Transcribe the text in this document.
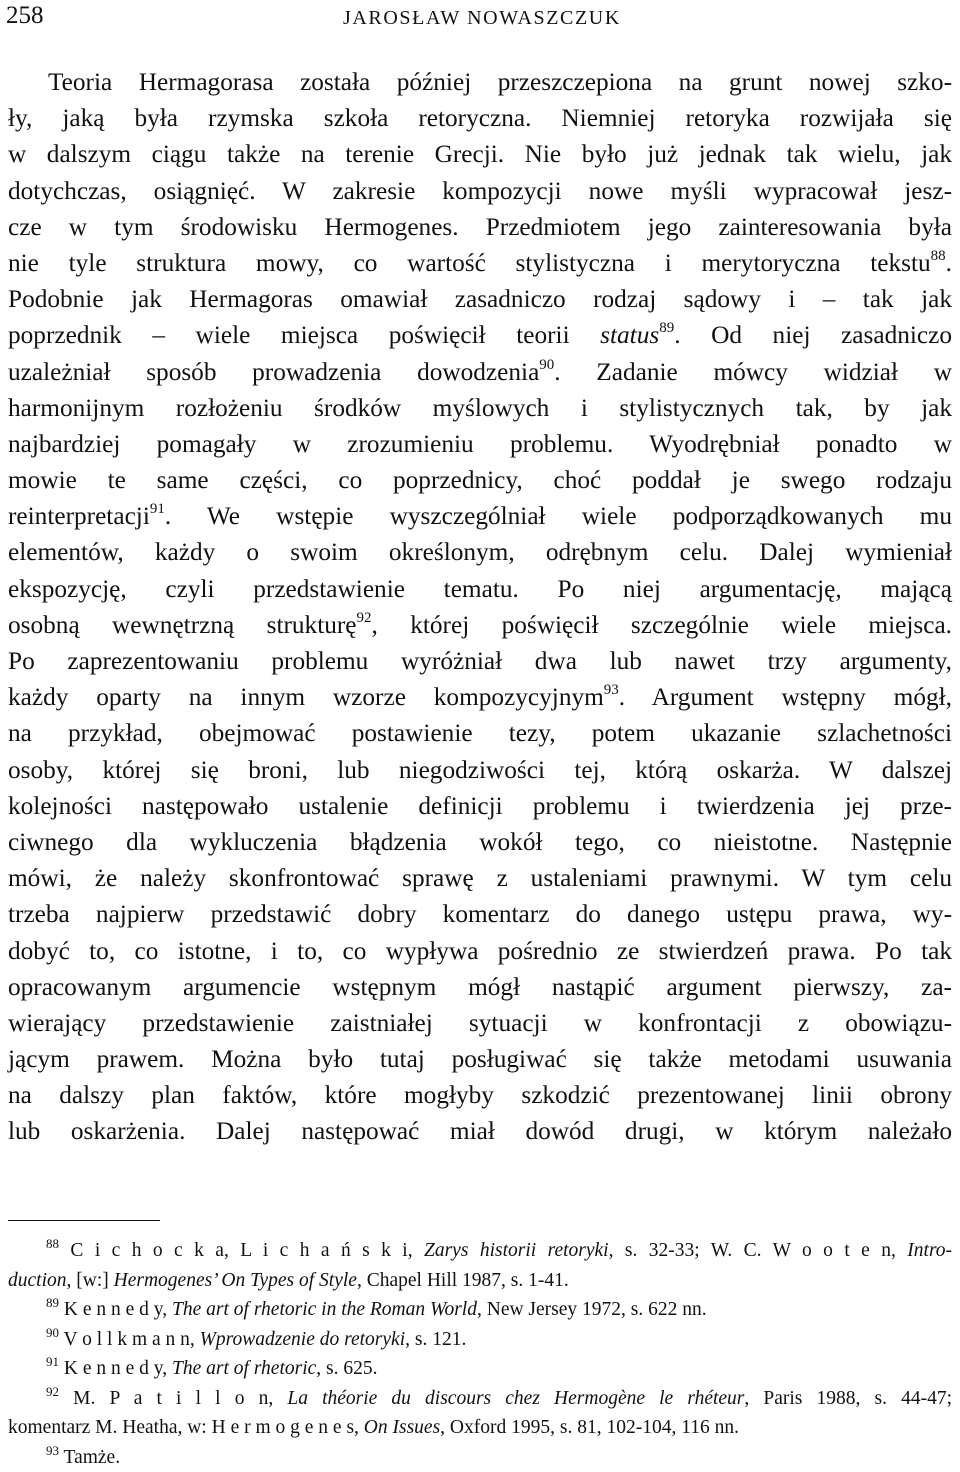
258	JAROSŁAW NOWASZCZUK
Teoria Hermagorasa została później przeszczepiona na grunt nowej szko-
ły, jaką była rzymska szkoła retoryczna. Niemniej retoryka rozwijała się
w dalszym ciągu także na terenie Grecji. Nie było już jednak tak wielu, jak
dotychczas, osiągnięć. W zakresie kompozycji nowe myśli wypracował jesz-
cze w tym środowisku Hermogenes. Przedmiotem jego zainteresowania była
nie tyle struktura mowy, co wartość stylistyczna i merytoryczna tekstu$^{88}$.
Podobnie jak Hermagoras omawiał zasadniczo rodzaj sądowy i – tak jak
poprzednik – wiele miejsca poświęcił teorii status$^{89}$. Od niej zasadniczo
uzależniał sposób prowadzenia dowodzenia$^{90}$. Zadanie mówcy widział w
harmonijnym rozłożeniu środków myślowych i stylistycznych tak, by jak
najbardziej pomagały w zrozumieniu problemu. Wyodrębniał ponadto w
mowie te same części, co poprzednicy, choć poddał je swego rodzaju
reinterpretacji$^{91}$. We wstępie wyszczególniał wiele podporządkowanych mu
elementów, każdy o swoim określonym, odrębnym celu. Dalej wymieniał
ekspozycję, czyli przedstawienie tematu. Po niej argumentację, mającą
osobną wewnętrzną strukturę$^{92}$, której poświęcił szczególnie wiele miejsca.
Po zaprezentowaniu problemu wyróżniał dwa lub nawet trzy argumenty,
każdy oparty na innym wzorze kompozycyjnym$^{93}$. Argument wstępny mógł,
na przykład, obejmować postawienie tezy, potem ukazanie szlachetności
osoby, której się broni, lub niegodziwości tej, którą oskarża. W dalszej
kolejności następowało ustalenie definicji problemu i twierdzenia jej prze-
ciwnego dla wykluczenia błądzenia wokół tego, co nieistotne. Następnie
mówi, że należy skonfrontować sprawę z ustaleniami prawnymi. W tym celu
trzeba najpierw przedstawić dobry komentarz do danego ustępu prawa, wy-
dobyć to, co istotne, i to, co wypływa pośrednio ze stwierdzeń prawa. Po tak
opracowanym argumencie wstępnym mógł nastąpić argument pierwszy, za-
wierający przedstawienie zaistniałej sytuacji w konfrontacji z obowiązu-
jącym prawem. Można było tutaj posługiwać się także metodami usuwania
na dalszy plan faktów, które mogłyby szkodzić prezentowanej linii obrony
lub oskarżenia. Dalej następować miał dowód drugi, w którym należało
$^{88}$ C i c h o c k a, L i c h a ń s k i, Zarys historii retoryki, s. 32-33; W. C. W o o t e n, Intro-
duction, [w:] Hermogenes’ On Types of Style, Chapel Hill 1987, s. 1-41.
$^{89}$ K e n n e d y, The art of rhetoric in the Roman World, New Jersey 1972, s. 622 nn.
$^{90}$ V o l l k m a n n, Wprowadzenie do retoryki, s. 121.
$^{91}$ K e n n e d y, The art of rhetoric, s. 625.
$^{92}$ M. P a t i l l o n, La théorie du discours chez Hermogène le rhéteur, Paris 1988, s. 44-47;
komentarz M. Heatha, w: H e r m o g e n e s, On Issues, Oxford 1995, s. 81, 102-104, 116 nn.
$^{93}$ Tamże.
